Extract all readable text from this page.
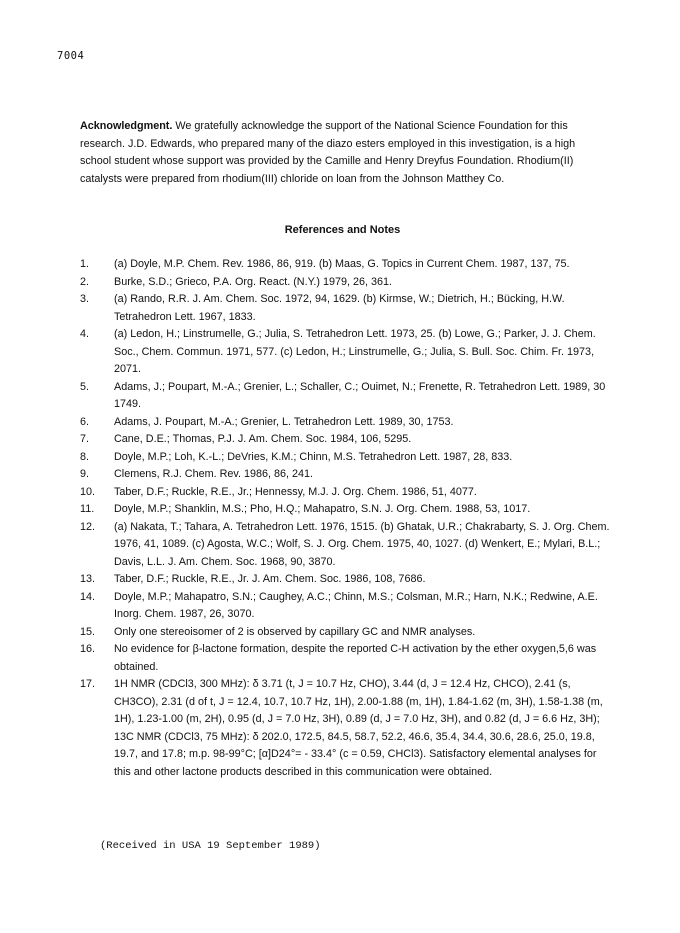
7004

Acknowledgment. We gratefully acknowledge the support of the National Science Foundation for this research. J.D. Edwards, who prepared many of the diazo esters employed in this investigation, is a high school student whose support was provided by the Camille and Henry Dreyfus Foundation. Rhodium(II) catalysts were prepared from rhodium(III) chloride on loan from the Johnson Matthey Co.

References and Notes
1.	(a) Doyle, M.P. Chem. Rev. 1986, 86, 919. (b) Maas, G. Topics in Current Chem. 1987, 137, 75.
2.	Burke, S.D.; Grieco, P.A. Org. React. (N.Y.) 1979, 26, 361.
3.	(a) Rando, R.R. J. Am. Chem. Soc. 1972, 94, 1629. (b) Kirmse, W.; Dietrich, H.; Bücking, H.W. Tetrahedron Lett. 1967, 1833.
4.	(a) Ledon, H.; Linstrumelle, G.; Julia, S. Tetrahedron Lett. 1973, 25. (b) Lowe, G.; Parker, J. J. Chem. Soc., Chem. Commun. 1971, 577. (c) Ledon, H.; Linstrumelle, G.; Julia, S. Bull. Soc. Chim. Fr. 1973, 2071.
5.	Adams, J.; Poupart, M.-A.; Grenier, L.; Schaller, C.; Ouimet, N.; Frenette, R. Tetrahedron Lett. 1989, 30 1749.
6.	Adams, J. Poupart, M.-A.; Grenier, L. Tetrahedron Lett. 1989, 30, 1753.
7.	Cane, D.E.; Thomas, P.J. J. Am. Chem. Soc. 1984, 106, 5295.
8.	Doyle, M.P.; Loh, K.-L.; DeVries, K.M.; Chinn, M.S. Tetrahedron Lett. 1987, 28, 833.
9.	Clemens, R.J. Chem. Rev. 1986, 86, 241.
10.	Taber, D.F.; Ruckle, R.E., Jr.; Hennessy, M.J. J. Org. Chem. 1986, 51, 4077.
11.	Doyle, M.P.; Shanklin, M.S.; Pho, H.Q.; Mahapatro, S.N. J. Org. Chem. 1988, 53, 1017.
12.	(a) Nakata, T.; Tahara, A. Tetrahedron Lett. 1976, 1515. (b) Ghatak, U.R.; Chakrabarty, S. J. Org. Chem. 1976, 41, 1089. (c) Agosta, W.C.; Wolf, S. J. Org. Chem. 1975, 40, 1027. (d) Wenkert, E.; Mylari, B.L.; Davis, L.L. J. Am. Chem. Soc. 1968, 90, 3870.
13.	Taber, D.F.; Ruckle, R.E., Jr. J. Am. Chem. Soc. 1986, 108, 7686.
14.	Doyle, M.P.; Mahapatro, S.N.; Caughey, A.C.; Chinn, M.S.; Colsman, M.R.; Harn, N.K.; Redwine, A.E. Inorg. Chem. 1987, 26, 3070.
15.	Only one stereoisomer of 2 is observed by capillary GC and NMR analyses.
16.	No evidence for β-lactone formation, despite the reported C-H activation by the ether oxygen,5,6 was obtained.
17.	1H NMR (CDCl3, 300 MHz): δ 3.71 (t, J = 10.7 Hz, CHO), 3.44 (d, J = 12.4 Hz, CHCO), 2.41 (s, CH3CO), 2.31 (d of t, J = 12.4, 10.7, 10.7 Hz, 1H), 2.00-1.88 (m, 1H), 1.84-1.62 (m, 3H), 1.58-1.38 (m, 1H), 1.23-1.00 (m, 2H), 0.95 (d, J = 7.0 Hz, 3H), 0.89 (d, J = 7.0 Hz, 3H), and 0.82 (d, J = 6.6 Hz, 3H); 13C NMR (CDCl3, 75 MHz): δ 202.0, 172.5, 84.5, 58.7, 52.2, 46.6, 35.4, 34.4, 30.6, 28.6, 25.0, 19.8, 19.7, and 17.8; m.p. 98-99°C; [α]D24°= - 33.4° (c = 0.59, CHCl3). Satisfactory elemental analyses for this and other lactone products described in this communication were obtained.

(Received in USA 19 September 1989)
